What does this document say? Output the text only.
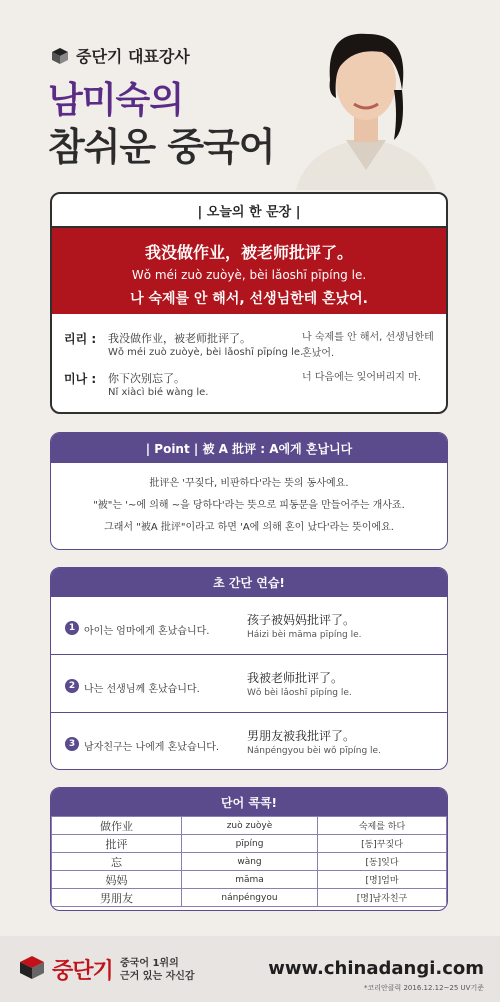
중단기 대표강사
남미숙의
참쉬운 중국어
| 오늘의 한 문장 |
我没做作业，被老师批评了。
Wǒ méi zuò zuòyè, bèi lǎoshī pīpíng le.
나 숙제를 안 해서, 선생님한테 혼났어.
리리 : 我没做作业，被老师批评了。
Wǒ méi zuò zuòyè, bèi lǎoshī pīpíng le.
나 숙제를 안 해서, 선생님한테 혼났어.
미나 : 你下次别忘了。
Nǐ xiàcì bié wàng le.
너 다음에는 잊어버리지 마.
| Point | 被 A 批评 : A에게 혼납니다

批评은 '꾸짖다, 비판하다'라는 뜻의 동사예요.

"被"는 '~에 의해 ~을 당하다'라는 뜻으로 피동문을 만들어주는 개사죠.

그래서 "被A 批评"이라고 하면 'A에 의해 혼이 났다'라는 뜻이에요.

초 간단 연습!
1 아이는 엄마에게 혼났습니다.
孩子被妈妈批评了。
Háizi bèi māma pīpíng le.
2 나는 선생님께 혼났습니다.
我被老师批评了。
Wǒ bèi lǎoshī pīpíng le.
3 남자친구는 나에게 혼났습니다.
男朋友被我批评了。
Nánpéngyou bèi wǒ pīpíng le.
단어 콕콕!
做作业	zuò zuòyè	숙제를 하다
批评	pīpíng	[동]꾸짖다
忘	wàng	[동]잊다
妈妈	māma	[명]엄마
男朋友	nánpéngyou	[명]남자친구
중단기 중국어 1위의
근거 있는 자신감	www.chinadangi.com
*코리안클릭 2016.12.12~25 UV기준
